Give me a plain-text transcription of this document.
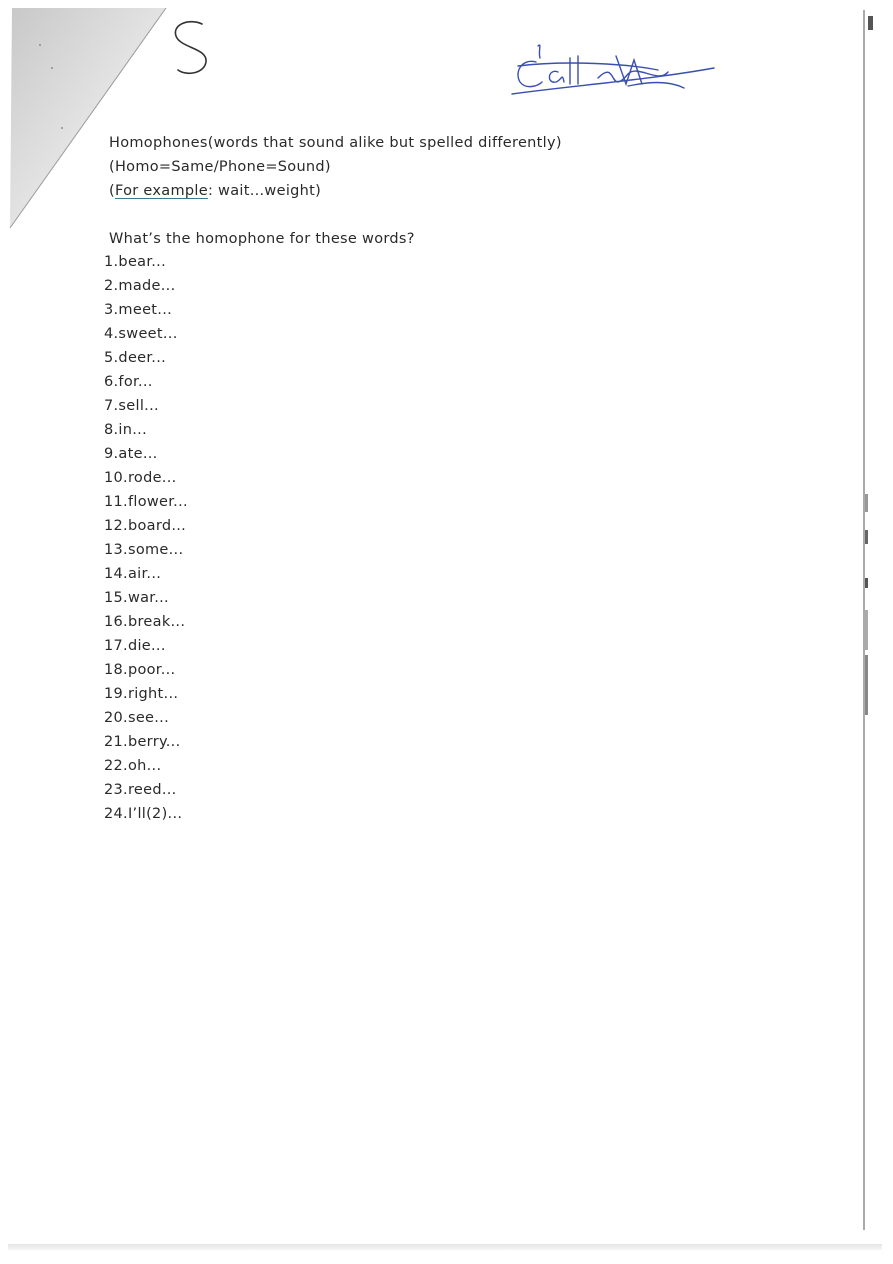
Homophones(words that sound alike but spelled differently)
(Homo=Same/Phone=Sound)
(For example: wait...weight)
What’s the homophone for these words?
1.bear...
2.made...
3.meet...
4.sweet...
5.deer...
6.for...
7.sell...
8.in...
9.ate...
10.rode...
11.flower...
12.board...
13.some...
14.air...
15.war...
16.break...
17.die...
18.poor...
19.right...
20.see...
21.berry...
22.oh...
23.reed...
24.I’ll(2)...
